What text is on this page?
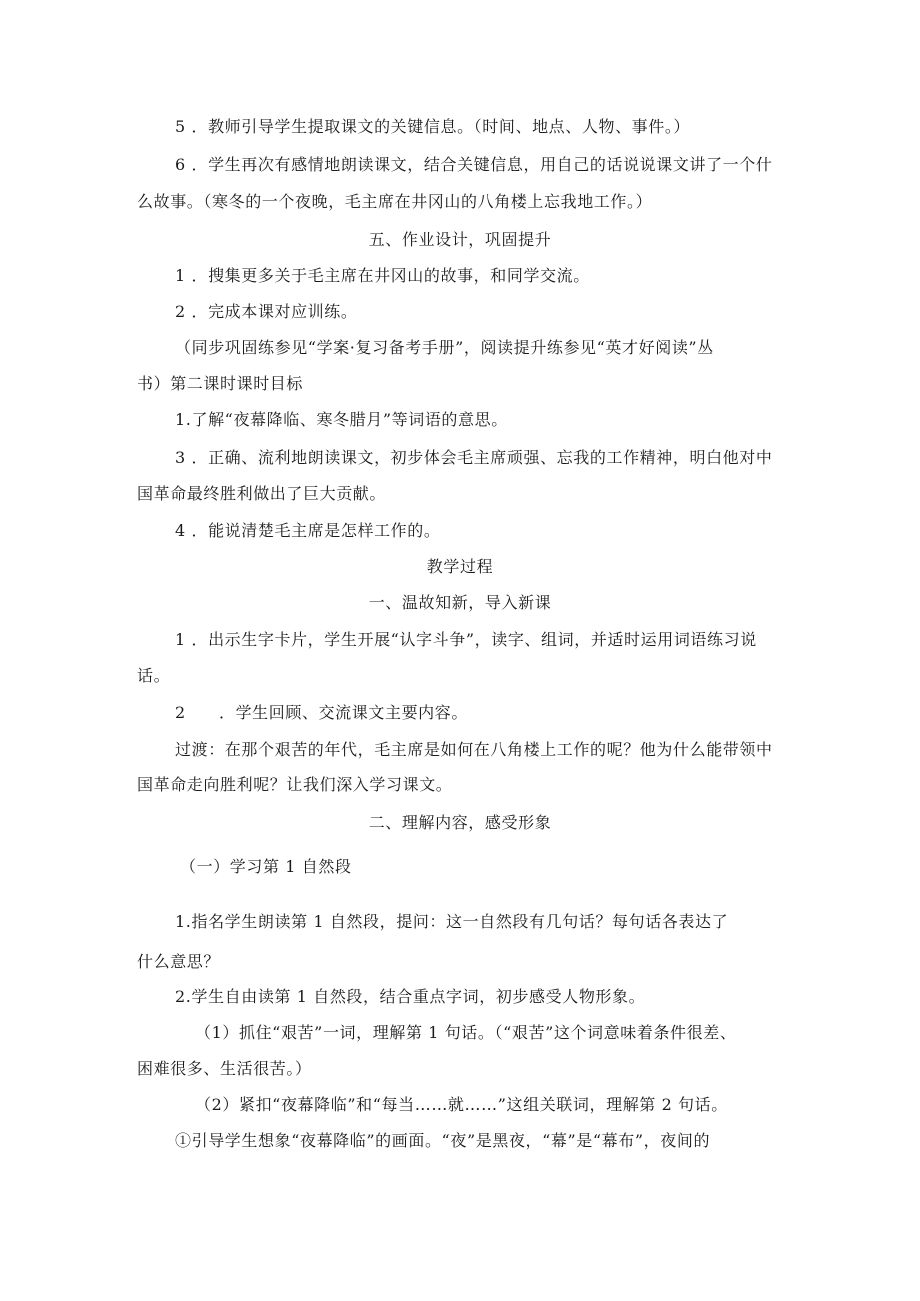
5 ．教师引导学生提取课文的关键信息。（时间、地点、人物、事件。）
6 ．学生再次有感情地朗读课文，结合关键信息，用自己的话说说课文讲了一个什
么故事。（寒冬的一个夜晚，毛主席在井冈山的八角楼上忘我地工作。）
五、作业设计，巩固提升
1 ．搜集更多关于毛主席在井冈山的故事，和同学交流。
2 ．完成本课对应训练。
（同步巩固练参见“学案·复习备考手册”，阅读提升练参见“英才好阅读”丛
书）第二课时课时目标
1.了解“夜幕降临、寒冬腊月”等词语的意思。
3 ．正确、流利地朗读课文，初步体会毛主席顽强、忘我的工作精神，明白他对中
国革命最终胜利做出了巨大贡献。
4 ．能说清楚毛主席是怎样工作的。
教学过程
一、温故知新，导入新课
1 ．出示生字卡片，学生开展“认字斗争”，读字、组词，并适时运用词语练习说
话。
2　　．学生回顾、交流课文主要内容。
过渡：在那个艰苦的年代，毛主席是如何在八角楼上工作的呢？他为什么能带领中
国革命走向胜利呢？让我们深入学习课文。
二、理解内容，感受形象
（一）学习第 1 自然段
1.指名学生朗读第 1 自然段，提问：这一自然段有几句话？每句话各表达了
什么意思？
2.学生自由读第 1 自然段，结合重点字词，初步感受人物形象。
（1）抓住“艰苦”一词，理解第 1 句话。（“艰苦”这个词意味着条件很差、
困难很多、生活很苦。）
（2）紧扣“夜幕降临”和“每当……就……”这组关联词，理解第 2 句话。
①引导学生想象“夜幕降临”的画面。“夜”是黑夜，“幕”是“幕布”，夜间的
